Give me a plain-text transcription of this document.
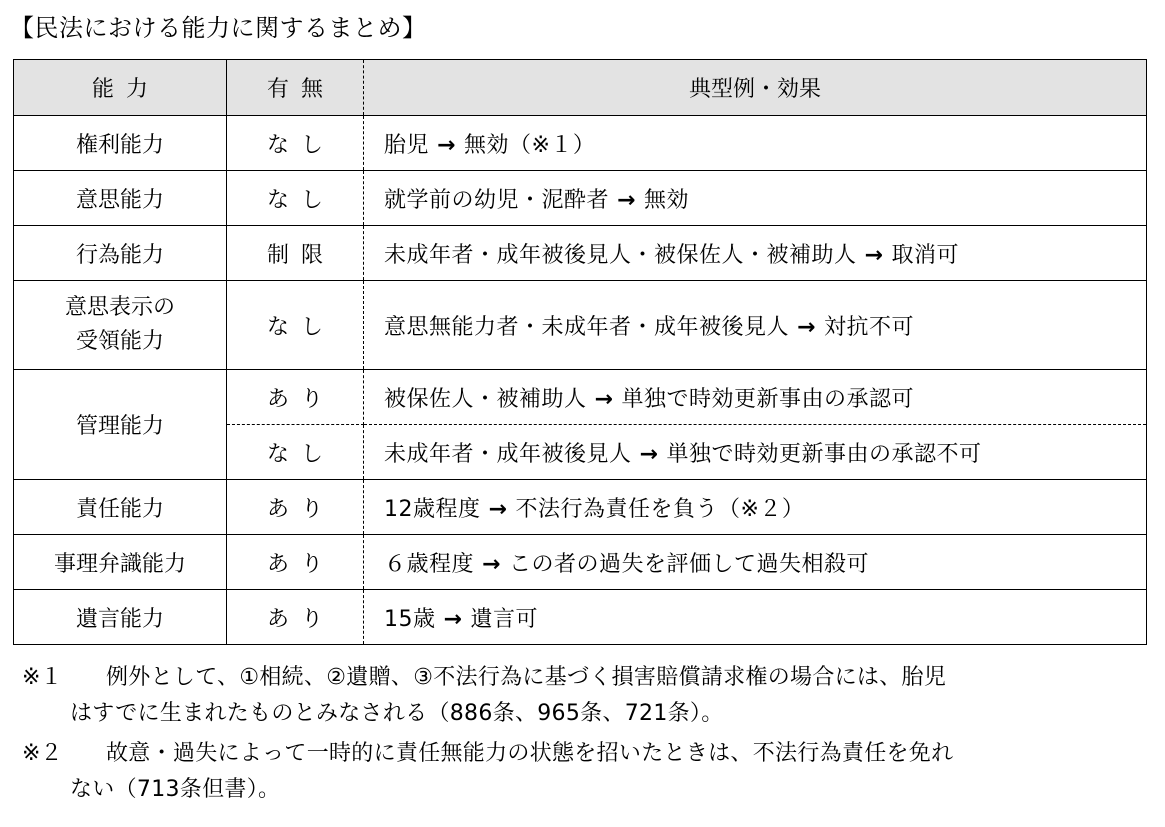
【民法における能力に関するまとめ】
能力	有無	典型例・効果
権利能力	なし	胎児 → 無効（※１）
意思能力	なし	就学前の幼児・泥酔者 → 無効
行為能力	制限	未成年者・成年被後見人・被保佐人・被補助人 → 取消可
意思表示の
受領能力	なし	意思無能力者・未成年者・成年被後見人 → 対抗不可
管理能力	あり	被保佐人・被補助人 → 単独で時効更新事由の承認可
	なし	未成年者・成年被後見人 → 単独で時効更新事由の承認不可
責任能力	あり	12歳程度 → 不法行為責任を負う（※２）
事理弁識能力	あり	６歳程度 → この者の過失を評価して過失相殺可
遺言能力	あり	15歳 → 遺言可
※１	例外として、①相続、②遺贈、③不法行為に基づく損害賠償請求権の場合には、胎児
はすでに生まれたものとみなされる（886条、965条、721条）。
※２	故意・過失によって一時的に責任無能力の状態を招いたときは、不法行為責任を免れ
ない（713条但書）。
